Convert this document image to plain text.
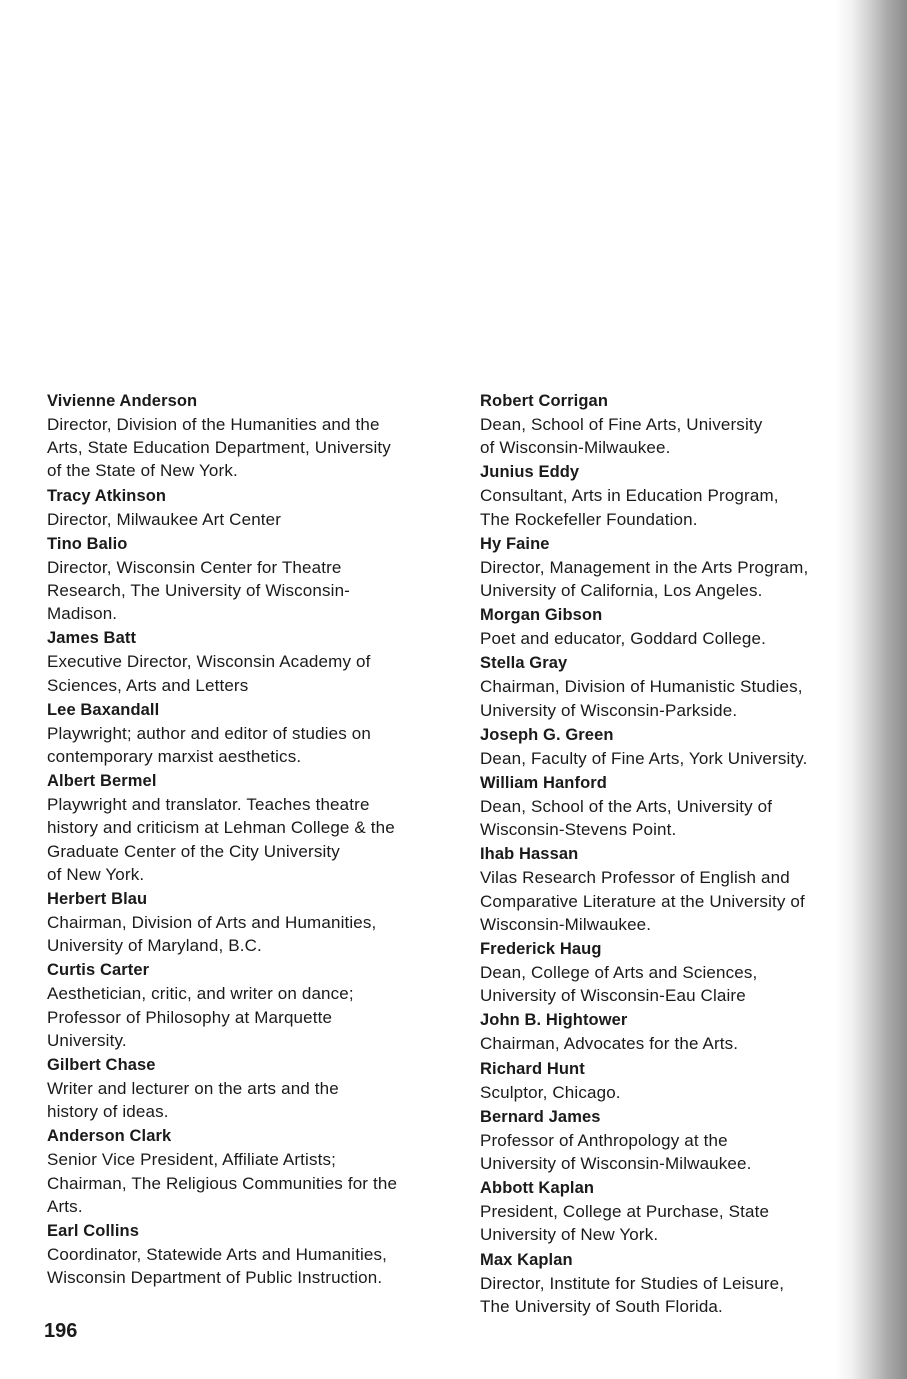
Vivienne Anderson
Director, Division of the Humanities and the
Arts, State Education Department, University
of the State of New York.
Tracy Atkinson
Director, Milwaukee Art Center
Tino Balio
Director, Wisconsin Center for Theatre
Research, The University of Wisconsin-
Madison.
James Batt
Executive Director, Wisconsin Academy of
Sciences, Arts and Letters
Lee Baxandall
Playwright; author and editor of studies on
contemporary marxist aesthetics.
Albert Bermel
Playwright and translator. Teaches theatre
history and criticism at Lehman College & the
Graduate Center of the City University
of New York.
Herbert Blau
Chairman, Division of Arts and Humanities,
University of Maryland, B.C.
Curtis Carter
Aesthetician, critic, and writer on dance;
Professor of Philosophy at Marquette
University.
Gilbert Chase
Writer and lecturer on the arts and the
history of ideas.
Anderson Clark
Senior Vice President, Affiliate Artists;
Chairman, The Religious Communities for the
Arts.
Earl Collins
Coordinator, Statewide Arts and Humanities,
Wisconsin Department of Public Instruction.
Robert Corrigan
Dean, School of Fine Arts, University
of Wisconsin-Milwaukee.
Junius Eddy
Consultant, Arts in Education Program,
The Rockefeller Foundation.
Hy Faine
Director, Management in the Arts Program,
University of California, Los Angeles.
Morgan Gibson
Poet and educator, Goddard College.
Stella Gray
Chairman, Division of Humanistic Studies,
University of Wisconsin-Parkside.
Joseph G. Green
Dean, Faculty of Fine Arts, York University.
William Hanford
Dean, School of the Arts, University of
Wisconsin-Stevens Point.
Ihab Hassan
Vilas Research Professor of English and
Comparative Literature at the University of
Wisconsin-Milwaukee.
Frederick Haug
Dean, College of Arts and Sciences,
University of Wisconsin-Eau Claire
John B. Hightower
Chairman, Advocates for the Arts.
Richard Hunt
Sculptor, Chicago.
Bernard James
Professor of Anthropology at the
University of Wisconsin-Milwaukee.
Abbott Kaplan
President, College at Purchase, State
University of New York.
Max Kaplan
Director, Institute for Studies of Leisure,
The University of South Florida.
196
